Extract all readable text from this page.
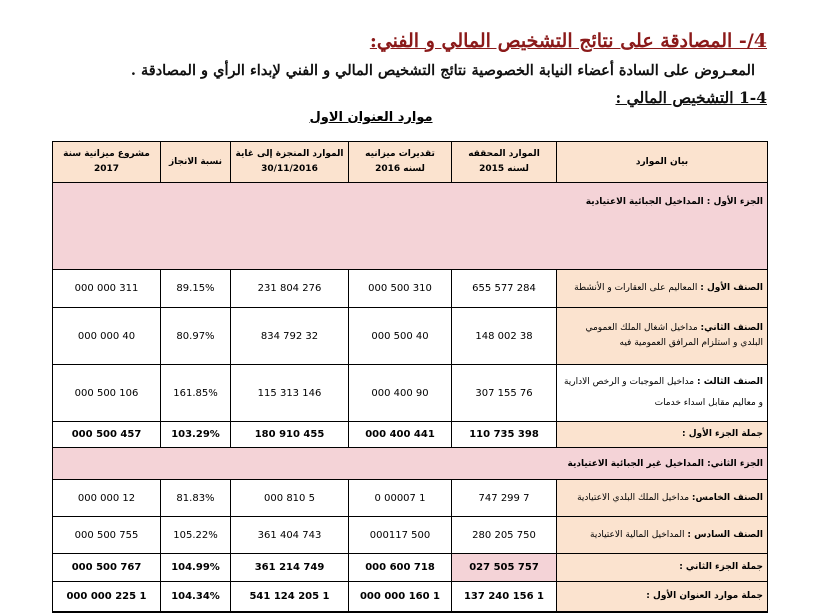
4/- المصادقة على نتائج التشخيص المالي و الفني:
المعـروض على السادة أعضاء النيابة الخصوصية نتائج التشخيص المالي و الفني لإبداء الرأي و المصادقة .
1-4 التشخيص المالي :
موارد العنوان الاول
بيان الموارد	الموارد المحققه لسنه 2015	تقديرات ميزانيه لسنه 2016	الموارد المنجزة إلى غاية 30/11/2016	نسبة الانجاز	مشروع ميزانية سنة 2017
الجزء الأول : المداخيل الجبائية الاعتيادية					
الصنف الأول : المعاليم على العقارات و الأنشطة	284 577 655	310 500 000	276 804 231	89.15%	311 000 000
الصنف الثاني: مداخيل اشغال الملك العمومي البلدي و استلزام المرافق العمومية فيه	38 002 148	40 500 000	32 792 834	80.97%	40 000 000

الصنف الثالث : مداخيل الموجبات و الرخص الادارية
و معاليم مقابل اسداء خدمات	76 155 307	90 400 000	146 313 115	161.85%	106 500 000
جملة الجزء الأول :	398 735 110	441 400 000	455 910 180	103.29%	457 500 000
الجزء الثاني: المداخيل غير الجبائية الاعتيادية					
الصنف الخامس: مداخيل الملك البلدي الاعتيادية	7 299 747	1 00007 0	5 810 000	81.83%	12 000 000
الصنف السادس : المداخيل المالية الاعتيادية	750 205 280	500 000117	743 404 361	105.22%	755 500 000
جملة الجزء الثاني :	757 505 027	718 600 000	749 214 361	104.99%	767 500 000
جملة موارد العنوان الأول :	1 156 240 137	1 160 000 000	1 205 124 541	104.34%	1 225 000 000
